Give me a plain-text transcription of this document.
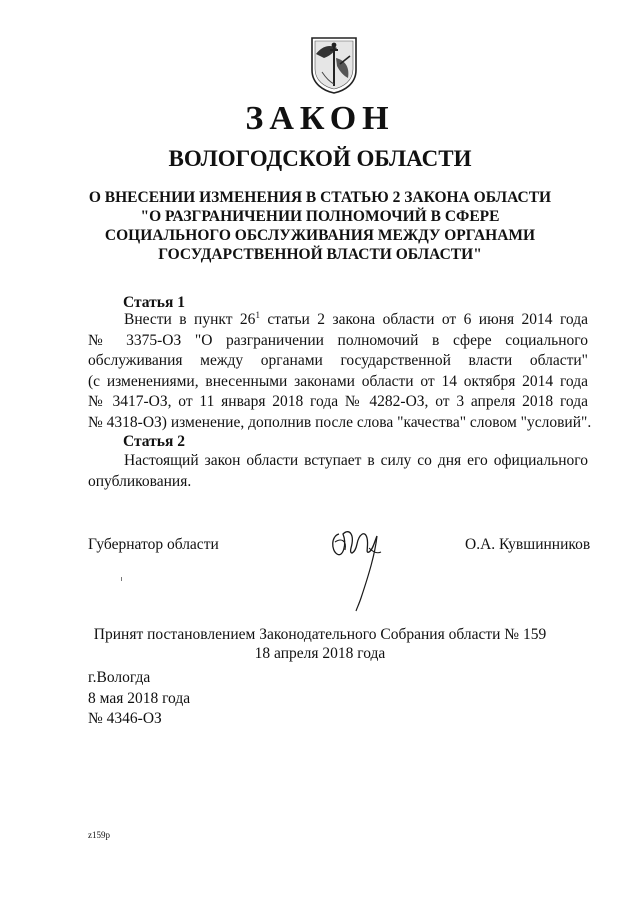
ЗАКОН
ВОЛОГОДСКОЙ ОБЛАСТИ
О ВНЕСЕНИИ ИЗМЕНЕНИЯ В СТАТЬЮ 2 ЗАКОНА ОБЛАСТИ
"О РАЗГРАНИЧЕНИИ ПОЛНОМОЧИЙ В СФЕРЕ
СОЦИАЛЬНОГО ОБСЛУЖИВАНИЯ МЕЖДУ ОРГАНАМИ
ГОСУДАРСТВЕННОЙ ВЛАСТИ ОБЛАСТИ"
Статья 1
Внести в пункт $26^1$ статьи 2 закона области от 6 июня 2014 года
№ 3375-ОЗ "О разграничении полномочий в сфере социального
обслуживания между органами государственной власти области"
(с изменениями, внесенными законами области от 14 октября 2014 года
№ 3417-ОЗ, от 11 января 2018 года № 4282-ОЗ, от 3 апреля 2018 года
№ 4318-ОЗ) изменение, дополнив после слова "качества" словом "условий".
Статья 2
Настоящий закон области вступает в силу со дня его официального
опубликования.
Губернатор области	О.А. Кувшинников
Принят постановлением Законодательного Собрания области № 159
18 апреля 2018 года
г.Вологда
8 мая 2018 года
№ 4346-ОЗ
z159р
